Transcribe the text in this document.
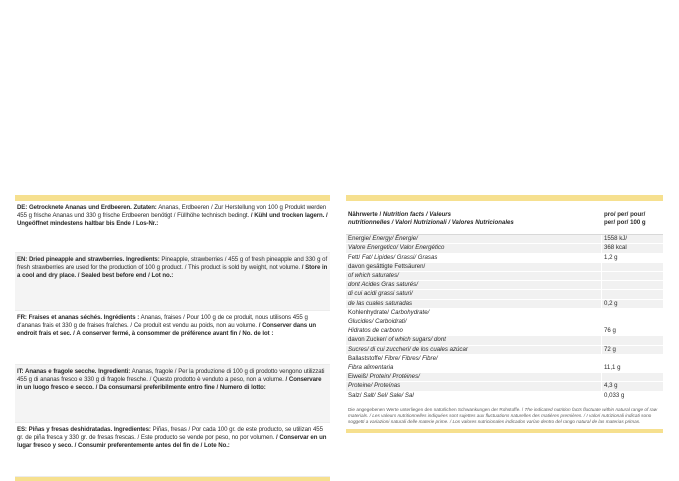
DE: Getrocknete Ananas und Erdbeeren. Zutaten: Ananas, Erdbeeren / Zur Herstellung von 100 g Produkt werden 455 g frische Ananas und 330 g frische Erdbeeren benötigt / Füllhöhe technisch bedingt. / Kühl und trocken lagern. / Ungeöffnet mindestens haltbar bis Ende / Los-Nr.:
EN: Dried pineapple and strawberries. Ingredients: Pineapple, strawberries / 455 g of fresh pineapple and 330 g of fresh strawberries are used for the production of 100 g product. / This product is sold by weight, not volume. / Store in a cool and dry place. / Sealed best before end / Lot no.:
FR: Fraises et ananas séchés. Ingrédients : Ananas, fraises / Pour 100 g de ce produit, nous utilisons 455 g d'ananas frais et 330 g de fraises fraîches. / Ce produit est vendu au poids, non au volume. / Conserver dans un endroit frais et sec. / A conserver fermé, à consommer de préférence avant fin / No. de lot :
IT: Ananas e fragole secche. Ingredienti: Ananas, fragole / Per la produzione di 100 g di prodotto vengono utilizzati 455 g di ananas fresco e 330 g di fragole fresche. / Questo prodotto è venduto a peso, non a volume. / Conservare in un luogo fresco e secco. / Da consumarsi preferibilmente entro fine / Numero di lotto:
ES: Piñas y fresas deshidratadas. Ingredientes: Piñas, fresas / Por cada 100 gr. de este producto, se utilizan 455 gr. de piña fresca y 330 gr. de fresas frescas. / Este producto se vende por peso, no por volumen. / Conservar en un lugar fresco y seco. / Consumir preferentemente antes del fin de / Lote No.:
Nährwerte / Nutrition facts / Valeurs
nutritionnelles / Valori Nutrizionali / Valores Nutricionales
pro/ per/ pour/
per/ por/ 100 g
Energie/ Energy/ Énergie/	1558 kJ/
Valore Energetico/ Valor Energético	368 kcal
Fett/ Fat/ Lipides/ Grassi/ Grasas	1,2 g
davon gesättigte Fettsäuren/	
of which saturates/	
dont Acides Gras saturés/	
di cui acidi grassi saturi/	
de las cuales saturadas	0,2 g
Kohlenhydrate/ Carbohydrate/	
Glucides/ Carboidrati/	
Hidratos de carbono	76 g
davon Zucker/ of which sugars/ dont	
Sucres/ di cui zuccheri/ de los cuales azúcar	72 g
Ballaststoffe/ Fibre/ Fibres/ Fibre/	
Fibra alimentaria	11,1 g
Eiweiß/ Protein/ Protéines/	
Proteine/ Proteínas	4,3 g
Salz/ Salt/ Sel/ Sale/ Sal	0,033 g
Die angegebenen Werte unterliegen den natürlichen Schwankungen der Rohstoffe. / The indicated nutrition facts fluctuate within natural range of raw materials. / Les valeurs nutritionnelles indiquées sont sujettes aux fluctuations naturelles des matières premières. / I valori nutrizionali indicati sono soggetti a variazioni naturali delle materie prime. / Los valores nutricionales indicados varían dentro del rango natural de las materias primas.
